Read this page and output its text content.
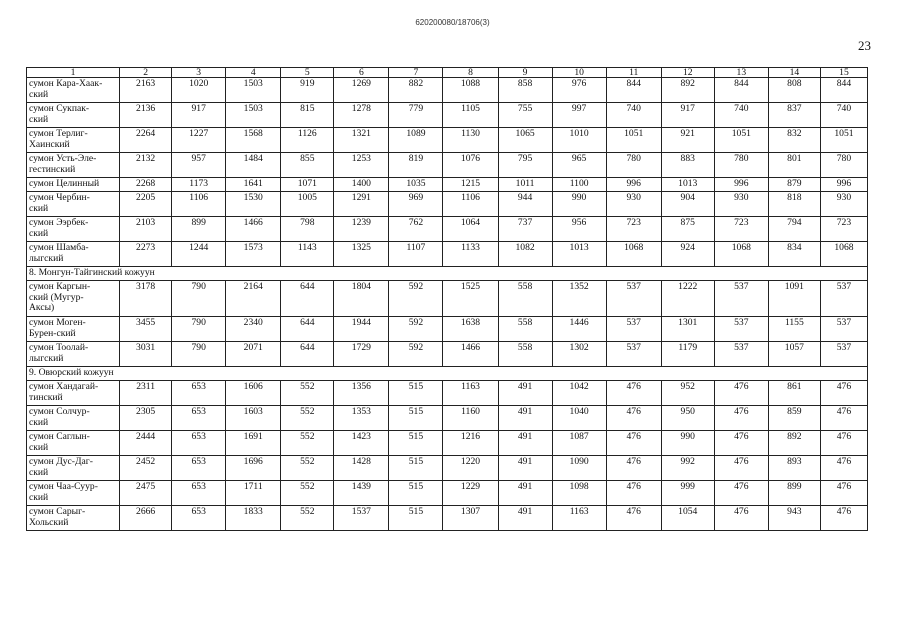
620200080/18706(3)
23
1	2	3	4	5	6	7	8	9	10	11	12	13	14	15
сумон Кара-Хаак-
ский	2163	1020	1503	919	1269	882	1088	858	976	844	892	844	808	844
сумон Сукпак-
ский	2136	917	1503	815	1278	779	1105	755	997	740	917	740	837	740
сумон Терлиг-
Хаинский	2264	1227	1568	1126	1321	1089	1130	1065	1010	1051	921	1051	832	1051
сумон Усть-Эле-
гестинский	2132	957	1484	855	1253	819	1076	795	965	780	883	780	801	780
сумон Целинный	2268	1173	1641	1071	1400	1035	1215	1011	1100	996	1013	996	879	996
сумон Чербин-
ский	2205	1106	1530	1005	1291	969	1106	944	990	930	904	930	818	930
сумон Ээрбек-
ский	2103	899	1466	798	1239	762	1064	737	956	723	875	723	794	723
сумон Шамба-
лыгский	2273	1244	1573	1143	1325	1107	1133	1082	1013	1068	924	1068	834	1068
8. Монгун-Тайгинский кожуун														
сумон Каргын-
ский (Мугур-
Аксы)	3178	790	2164	644	1804	592	1525	558	1352	537	1222	537	1091	537
сумон Моген-
Бурен-ский	3455	790	2340	644	1944	592	1638	558	1446	537	1301	537	1155	537
сумон Тоолай-
лыгский	3031	790	2071	644	1729	592	1466	558	1302	537	1179	537	1057	537
9. Овюрский кожуун														
сумон Хандагай-
тинский	2311	653	1606	552	1356	515	1163	491	1042	476	952	476	861	476
сумон Солчур-
ский	2305	653	1603	552	1353	515	1160	491	1040	476	950	476	859	476
сумон Саглын-
ский	2444	653	1691	552	1423	515	1216	491	1087	476	990	476	892	476
сумон Дус-Даг-
ский	2452	653	1696	552	1428	515	1220	491	1090	476	992	476	893	476
сумон Чаа-Суур-
ский	2475	653	1711	552	1439	515	1229	491	1098	476	999	476	899	476
сумон Сарыг-
Хольский	2666	653	1833	552	1537	515	1307	491	1163	476	1054	476	943	476
